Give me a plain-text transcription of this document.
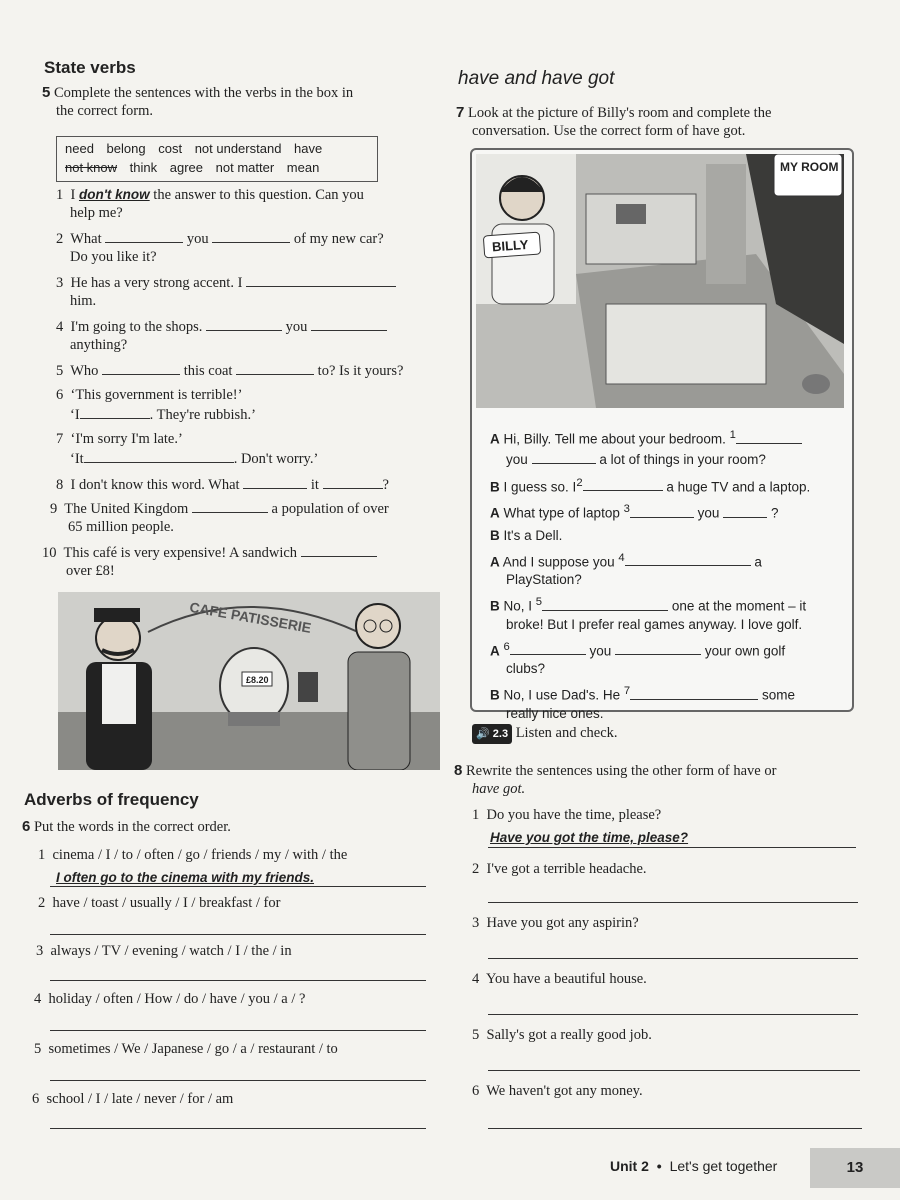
State verbs
5 Complete the sentences with the verbs in the box in
the correct form.
need belong cost not understand have
not know think agree not matter mean
1 I don't know the answer to this question. Can you
help me?
2 What	you	of my new car?
Do you like it?
3 He has a very strong accent. I
him.
4 I'm going to the shops.	you
anything?
5 Who	this coat	to? Is it yours?
6 ‘This government is terrible!’
‘I	. They're rubbish.’
7 ‘I'm sorry I'm late.’
‘It	. Don't worry.’
8 I don't know this word. What	it	?
9 The United Kingdom	a population of over
65 million people.
10 This café is very expensive! A sandwich
over £8!
CAFE PATISSERIE
£8.20
Adverbs of frequency
6 Put the words in the correct order.
1 cinema / I / to / often / go / friends / my / with / the
I often go to the cinema with my friends.
2 have / toast / usually / I / breakfast / for
3 always / TV / evening / watch / I / the / in
4 holiday / often / How / do / have / you / a / ?
5 sometimes / We / Japanese / go / a / restaurant / to
6 school / I / late / never / for / am
have and have got
7 Look at the picture of Billy's room and complete the
conversation. Use the correct form of have got.
BILLY
MY ROOM
A Hi, Billy. Tell me about your bedroom. $^1$
you	a lot of things in your room?
B I guess so. $I^2$	a huge TV and a laptop.
A What type of laptop $^3$	you	?
B It's a Dell.
A And I suppose you $^4$	a
PlayStation?
B No, I $^5$	one at the moment – it
broke! But I prefer real games anyway. I love golf.
A $^6$	you	your own golf
clubs?
B No, I use Dad's. He $^7$	some
really nice ones.
🔊 2.3 Listen and check.
8 Rewrite the sentences using the other form of have or
have got.
1 Do you have the time, please?
Have you got the time, please?
2 I've got a terrible headache.
3 Have you got any aspirin?
4 You have a beautiful house.
5 Sally's got a really good job.
6 We haven't got any money.
Unit 2 • Let's get together	13
